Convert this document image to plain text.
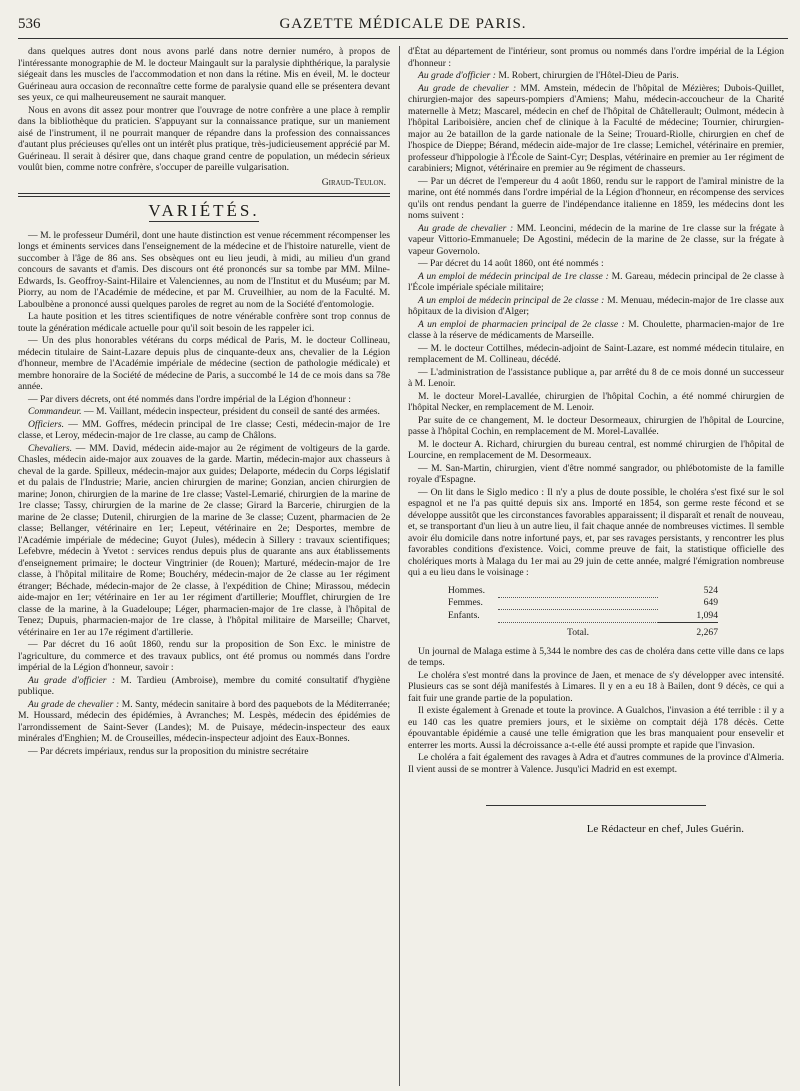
536	GAZETTE MÉDICALE DE PARIS.

dans quelques autres dont nous avons parlé dans notre dernier numéro, à propos de l'intéressante monographie de M. le docteur Maingault sur la paralysie diphthérique, la paralysie siégeait dans les muscles de l'accommodation et non dans la rétine. Mis en éveil, M. le docteur Guérineau aura occasion de reconnaître cette forme de paralysie quand elle se présentera devant ses yeux, ce qui malheureusement ne saurait manquer.

Nous en avons dit assez pour montrer que l'ouvrage de notre confrère a une place à remplir dans la bibliothèque du praticien. S'appuyant sur la connaissance pratique, sur un maniement aisé de l'instrument, il ne pourrait manquer de répandre dans la profession des connaissances d'autant plus précieuses qu'elles ont un intérêt plus pratique, très-judicieusement apprécié par M. Guérineau. Il serait à désirer que, dans chaque grand centre de population, un médecin sérieux voulût bien, comme notre confrère, s'occuper de pareille vulgarisation.

Giraud-Teulon.
VARIÉTÉS.

— M. le professeur Duméril, dont une haute distinction est venue récemment récompenser les longs et éminents services dans l'enseignement de la médecine et de l'histoire naturelle, vient de succomber à l'âge de 86 ans. Ses obsèques ont eu lieu jeudi, à midi, au milieu d'un grand concours de savants et d'amis. Des discours ont été prononcés sur sa tombe par MM. Milne-Edwards, Is. Geoffroy-Saint-Hilaire et Valenciennes, au nom de l'Institut et du Muséum; par M. Piorry, au nom de l'Académie de médecine, et par M. Cruveilhier, au nom de la Faculté. M. Laboulbène a prononcé aussi quelques paroles de regret au nom de la Société d'entomologie.

La haute position et les titres scientifiques de notre vénérable confrère sont trop connus de toute la génération médicale actuelle pour qu'il soit besoin de les rappeler ici.

— Un des plus honorables vétérans du corps médical de Paris, M. le docteur Collineau, médecin titulaire de Saint-Lazare depuis plus de cinquante-deux ans, chevalier de la Légion d'honneur, membre de l'Académie impériale de médecine (section de pathologie médicale) et membre honoraire de la Société de médecine de Paris, a succombé le 14 de ce mois dans sa 78e année.

— Par divers décrets, ont été nommés dans l'ordre impérial de la Légion d'honneur :

Commandeur. — M. Vaillant, médecin inspecteur, président du conseil de santé des armées.

Officiers. — MM. Goffres, médecin principal de 1re classe; Cesti, médecin-major de 1re classe, et Leroy, médecin-major de 1re classe, au camp de Châlons.

Chevaliers. — MM. David, médecin aide-major au 2e régiment de voltigeurs de la garde. Chasles, médecin aide-major aux zouaves de la garde. Martin, médecin-major aux chasseurs à cheval de la garde. Spilleux, médecin-major aux guides; Delaporte, médecin du Corps législatif et du palais de l'Industrie; Marie, ancien chirurgien de marine; Gonzian, ancien chirurgien de marine; Jonon, chirurgien de la marine de 1re classe; Vastel-Lemarié, chirurgien de la marine de 1re classe; Tassy, chirurgien de la marine de 2e classe; Girard la Barcerie, chirurgien de la marine de 2e classe; Dutenil, chirurgien de la marine de 3e classe; Cuzent, pharmacien de 2e classe; Bellanger, vétérinaire en 1er; Lepeut, vétérinaire en 2e; Desportes, membre de l'Académie impériale de médecine; Guyot (Jules), médecin à Sillery : travaux scientifiques; Lefebvre, médecin à Yvetot : services rendus depuis plus de quarante ans aux établissements d'enseignement primaire; le docteur Vingtrinier (de Rouen); Marturé, médecin-major de 1re classe, à l'hôpital militaire de Rome; Bouchéry, médecin-major de 2e classe au 1er régiment étranger; Béchade, médecin-major de 2e classe, à l'expédition de Chine; Mirassou, médecin aide-major en 1er; vétérinaire en 1er au 1er régiment d'artillerie; Moufflet, chirurgien de 1re classe de la marine, à la Guadeloupe; Léger, pharmacien-major de 1re classe, à l'hôpital de Tenez; Dupuis, pharmacien-major de 1re classe, à l'hôpital militaire de Marseille; Charvet, vétérinaire en 1er au 17e régiment d'artillerie.

— Par décret du 16 août 1860, rendu sur la proposition de Son Exc. le ministre de l'agriculture, du commerce et des travaux publics, ont été promus ou nommés dans l'ordre impérial de la Légion d'honneur, savoir :

Au grade d'officier : M. Tardieu (Ambroise), membre du comité consultatif d'hygiène publique.

Au grade de chevalier : M. Santy, médecin sanitaire à bord des paquebots de la Méditerranée; M. Houssard, médecin des épidémies, à Avranches; M. Lespès, médecin des épidémies de l'arrondissement de Saint-Sever (Landes); M. de Puisaye, médecin-inspecteur des eaux minérales d'Enghien; M. de Crouseilles, médecin-inspecteur adjoint des Eaux-Bonnes.

— Par décrets impériaux, rendus sur la proposition du ministre secrétaire

d'État au département de l'intérieur, sont promus ou nommés dans l'ordre impérial de la Légion d'honneur :

Au grade d'officier : M. Robert, chirurgien de l'Hôtel-Dieu de Paris.

Au grade de chevalier : MM. Amstein, médecin de l'hôpital de Mézières; Dubois-Quillet, chirurgien-major des sapeurs-pompiers d'Amiens; Mahu, médecin-accoucheur de la Charité maternelle à Metz; Mascarel, médecin en chef de l'hôpital de Châtellerault; Oulmont, médecin à l'hôpital Lariboisière, ancien chef de clinique à la Faculté de médecine; Tournier, chirurgien-major au 2e bataillon de la garde nationale de la Seine; Trouard-Riolle, chirurgien en chef de l'hospice de Dieppe; Bérand, médecin aide-major de 1re classe; Lemichel, vétérinaire en premier, professeur d'hippologie à l'École de Saint-Cyr; Desplas, vétérinaire en premier au 1er régiment de carabiniers; Mignot, vétérinaire en premier au 9e régiment de chasseurs.

— Par un décret de l'empereur du 4 août 1860, rendu sur le rapport de l'amiral ministre de la marine, ont été nommés dans l'ordre impérial de la Légion d'honneur, en récompense des services qu'ils ont rendus pendant la guerre de l'indépendance italienne en 1859, les médecins dont les noms suivent :

Au grade de chevalier : MM. Leoncini, médecin de la marine de 1re classe sur la frégate à vapeur Vittorio-Emmanuele; De Agostini, médecin de la marine de 2e classe, sur la frégate à vapeur Governolo.

— Par décret du 14 août 1860, ont été nommés :

A un emploi de médecin principal de 1re classe : M. Gareau, médecin principal de 2e classe à l'École impériale spéciale militaire;

A un emploi de médecin principal de 2e classe : M. Menuau, médecin-major de 1re classe aux hôpitaux de la division d'Alger;

A un emploi de pharmacien principal de 2e classe : M. Choulette, pharmacien-major de 1re classe à la réserve de médicaments de Marseille.

— M. le docteur Cottilhes, médecin-adjoint de Saint-Lazare, est nommé médecin titulaire, en remplacement de M. Collineau, décédé.

— L'administration de l'assistance publique a, par arrêté du 8 de ce mois donné un successeur à M. Lenoir.

M. le docteur Morel-Lavallée, chirurgien de l'hôpital Cochin, a été nommé chirurgien de l'hôpital Necker, en remplacement de M. Lenoir.

Par suite de ce changement, M. le docteur Desormeaux, chirurgien de l'hôpital de Lourcine, passe à l'hôpital Cochin, en remplacement de M. Morel-Lavallée.

M. le docteur A. Richard, chirurgien du bureau central, est nommé chirurgien de l'hôpital de Lourcine, en remplacement de M. Desormeaux.

— M. San-Martin, chirurgien, vient d'être nommé sangrador, ou phlébotomiste de la famille royale d'Espagne.

— On lit dans le Siglo medico : Il n'y a plus de doute possible, le choléra s'est fixé sur le sol espagnol et ne l'a pas quitté depuis six ans. Importé en 1854, son germe reste fécond et se développe aussitôt que les circonstances favorables apparaissent; il disparaît et renaît de nouveau, et, se transportant d'un lieu à un autre lieu, il fait chaque année de nombreuses victimes. Il semble avoir élu domicile dans notre infortuné pays, et, par ses ravages persistants, y rencontrer les plus favorables conditions d'existence. Voici, comme preuve de fait, la statistique officielle des cholériques morts à Malaga du 1er mai au 29 juin de cette année, malgré l'émigration nombreuse qui a eu lieu dans le voisinage :

Hommes.		524
Femmes.		649
Enfants.		1,094
	Total.	2,267

Un journal de Malaga estime à 5,344 le nombre des cas de choléra dans cette ville dans ce laps de temps.

Le choléra s'est montré dans la province de Jaen, et menace de s'y développer avec intensité. Plusieurs cas se sont déjà manifestés à Limares. Il y en a eu 18 à Bailen, dont 9 décès, ce qui a fait fuir une grande partie de la population.

Il existe également à Grenade et toute la province. A Gualchos, l'invasion a été terrible : il y a eu 140 cas les quatre premiers jours, et le sixième on comptait déjà 178 décès. Cette épouvantable épidémie a causé une telle émigration que les bras manquaient pour ensevelir et enterrer les morts. Aussi la décroissance a-t-elle été aussi prompte et rapide que l'invasion.

Le choléra a fait également des ravages à Adra et d'autres communes de la province d'Almeria. Il vient aussi de se montrer à Valence. Jusqu'ici Madrid en est exempt.

Le Rédacteur en chef, Jules Guérin.
